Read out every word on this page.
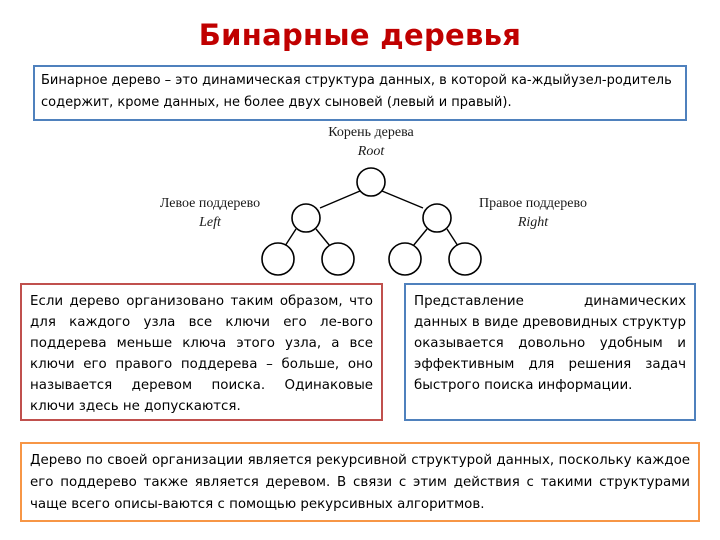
Бинарные деревья
Бинарное дерево – это динамическая структура данных, в которой ка-ждыйузел-родитель содержит, кроме данных, не более двух сыновей (левый и правый).
Корень дерева
Root
Левое поддерево
Left
Правое поддерево
Right
Если дерево организовано таким образом, что для каждого узла все ключи его ле-вого поддерева меньше ключа этого узла, а все ключи его правого поддерева – больше, оно называется деревом поиска. Одинаковые ключи здесь не допускаются.
Представление динамических данных в виде древовидных структур оказывается довольно удобным и эффективным для решения задач быстрого поиска информации.
Дерево по своей организации является рекурсивной структурой данных, поскольку каждое его поддерево также является деревом. В связи с этим действия с такими структурами чаще всего описы-ваются с помощью рекурсивных алгоритмов.
